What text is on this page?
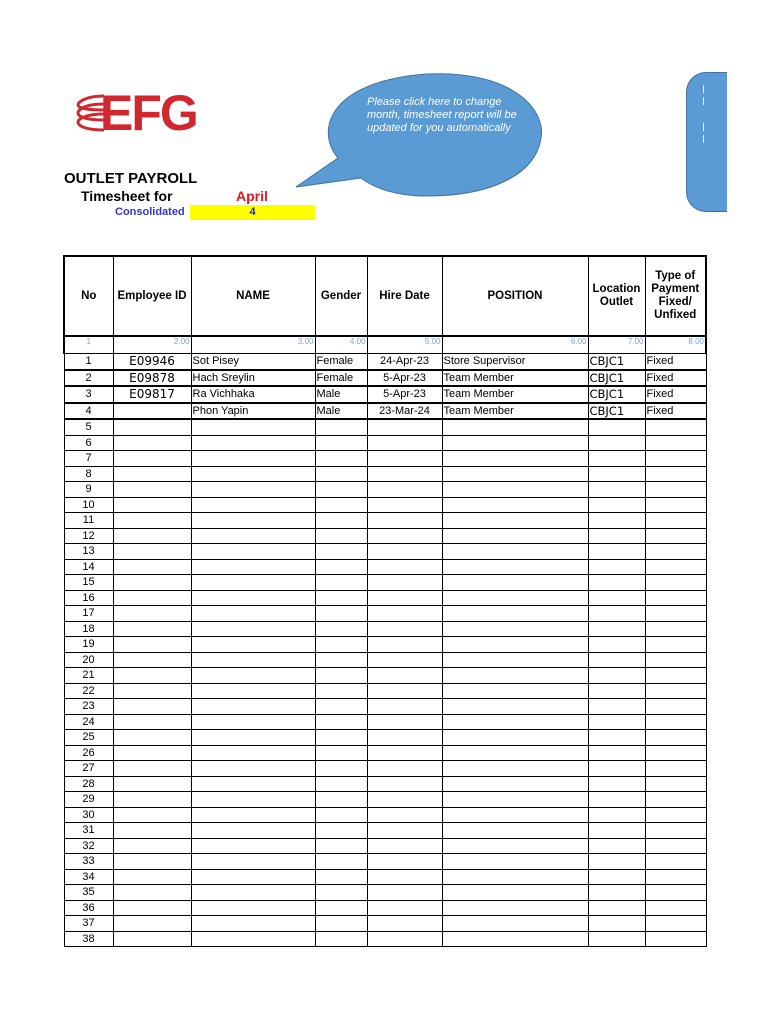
EFG
OUTLET PAYROLL
Timesheet for	April
Consolidated	4
Please click here to change month, timesheet report will be updated for you automatically
No	Employee ID	NAME	Gender	Hire Date	POSITION	Location Outlet	Type of Payment Fixed/ Unfixed
1	2.00	3.00	4.00	5.00	6.00	7.00	8.00
1	E09946	Sot Pisey	Female	24-Apr-23	Store Supervisor	CBJC1	Fixed
2	E09878	Hach Sreylin	Female	5-Apr-23	Team Member	CBJC1	Fixed
3	E09817	Ra Vichhaka	Male	5-Apr-23	Team Member	CBJC1	Fixed
4		Phon Yapin	Male	23-Mar-24	Team Member	CBJC1	Fixed
5							
6							
7							
8							
9							
10							
11							
12							
13							
14							
15							
16							
17							
18							
19							
20							
21							
22							
23							
24							
25							
26							
27							
28							
29							
30							
31							
32							
33							
34							
35							
36							
37							
38							
